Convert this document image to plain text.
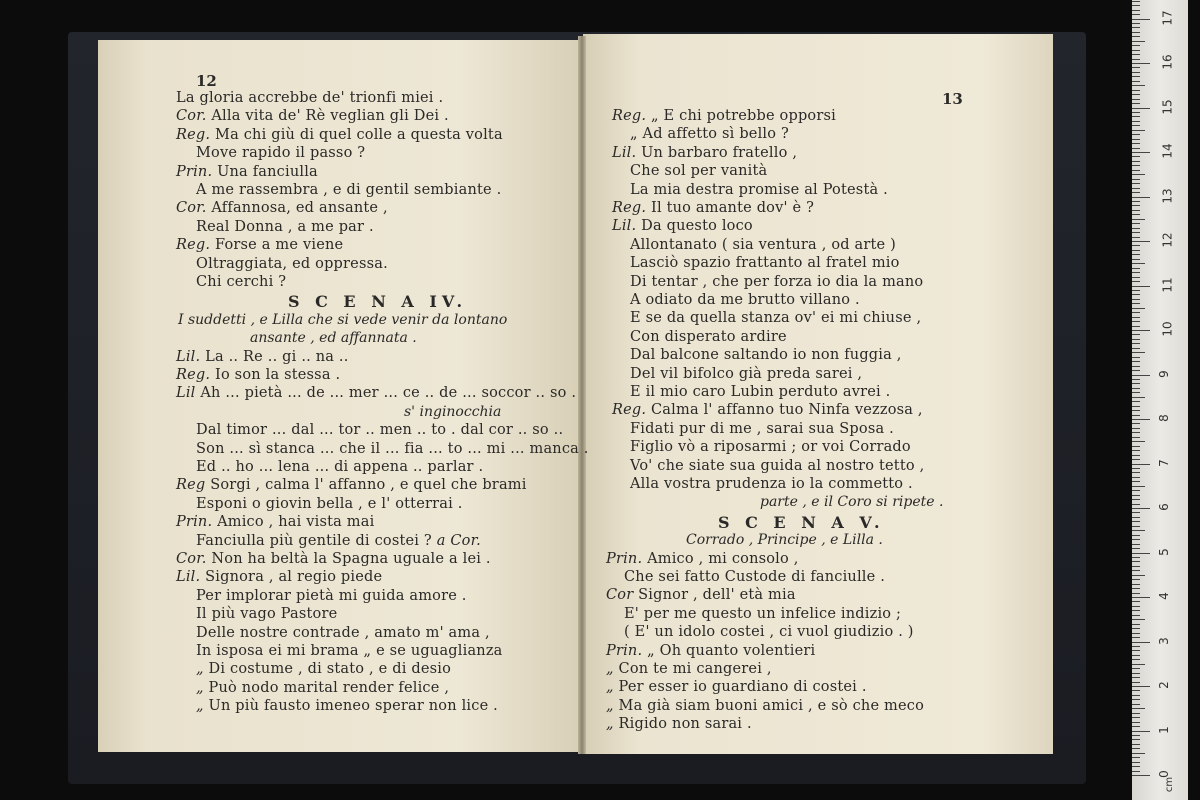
12
La gloria accrebbe de' trionfi miei .
Cor. Alla vita de' Rè veglian gli Dei .
Reg. Ma chi giù di quel colle a questa volta
Move rapido il passo ?
Prin. Una fanciulla
A me rassembra , e di gentil sembiante .
Cor. Affannosa, ed ansante ,
Real Donna , a me par .
Reg. Forse a me viene
Oltraggiata, ed oppressa.
Chi cerchi ?
S C E N A IV.
I suddetti , e Lilla che si vede venir da lontano
ansante , ed affannata .
Lil. La .. Re .. gi .. na ..
Reg. Io son la stessa .
Lil Ah ... pietà ... de ... mer ... ce .. de ... soccor .. so .
s' inginocchia
Dal timor ... dal ... tor .. men .. to . dal cor .. so ..
Son ... sì stanca ... che il ... fia ... to ... mi ... manca .
Ed .. ho ... lena ... di appena .. parlar .
Reg Sorgi , calma l' affanno , e quel che brami
Esponi o giovin bella , e l' otterrai .
Prin. Amico , hai vista mai
Fanciulla più gentile di costei ? a Cor.
Cor. Non ha beltà la Spagna uguale a lei .
Lil. Signora , al regio piede
Per implorar pietà mi guida amore .
Il più vago Pastore
Delle nostre contrade , amato m' ama ,
In isposa ei mi brama „ e se uguaglianza
„ Di costume , di stato , e di desio
„ Può nodo marital render felice ,
„ Un più fausto imeneo sperar non lice .
13
Reg. „ E chi potrebbe opporsi
„ Ad affetto sì bello ?
Lil. Un barbaro fratello ,
Che sol per vanità
La mia destra promise al Potestà .
Reg. Il tuo amante dov' è ?
Lil. Da questo loco
Allontanato ( sia ventura , od arte )
Lasciò spazio frattanto al fratel mio
Di tentar , che per forza io dia la mano
A odiato da me brutto villano .
E se da quella stanza ov' ei mi chiuse ,
Con disperato ardire
Dal balcone saltando io non fuggia ,
Del vil bifolco già preda sarei ,
E il mio caro Lubin perduto avrei .
Reg. Calma l' affanno tuo Ninfa vezzosa ,
Fidati pur di me , sarai sua Sposa .
Figlio vò a riposarmi ; or voi Corrado
Vo' che siate sua guida al nostro tetto ,
Alla vostra prudenza io la commetto .
parte , e il Coro si ripete .
S C E N A V.
Corrado , Principe , e Lilla .
Prin. Amico , mi consolo ,
Che sei fatto Custode di fanciulle .
Cor Signor , dell' età mia
E' per me questo un infelice indizio ;
( E' un idolo costei , ci vuol giudizio . )
Prin. „ Oh quanto volentieri
„ Con te mi cangerei ,
„ Per esser io guardiano di costei .
„ Ma già siam buoni amici , e sò che meco
„ Rigido non sarai .
0
1
2
3
4
5
6
7
8
9
10
11
12
13
14
15
16
17
cm
